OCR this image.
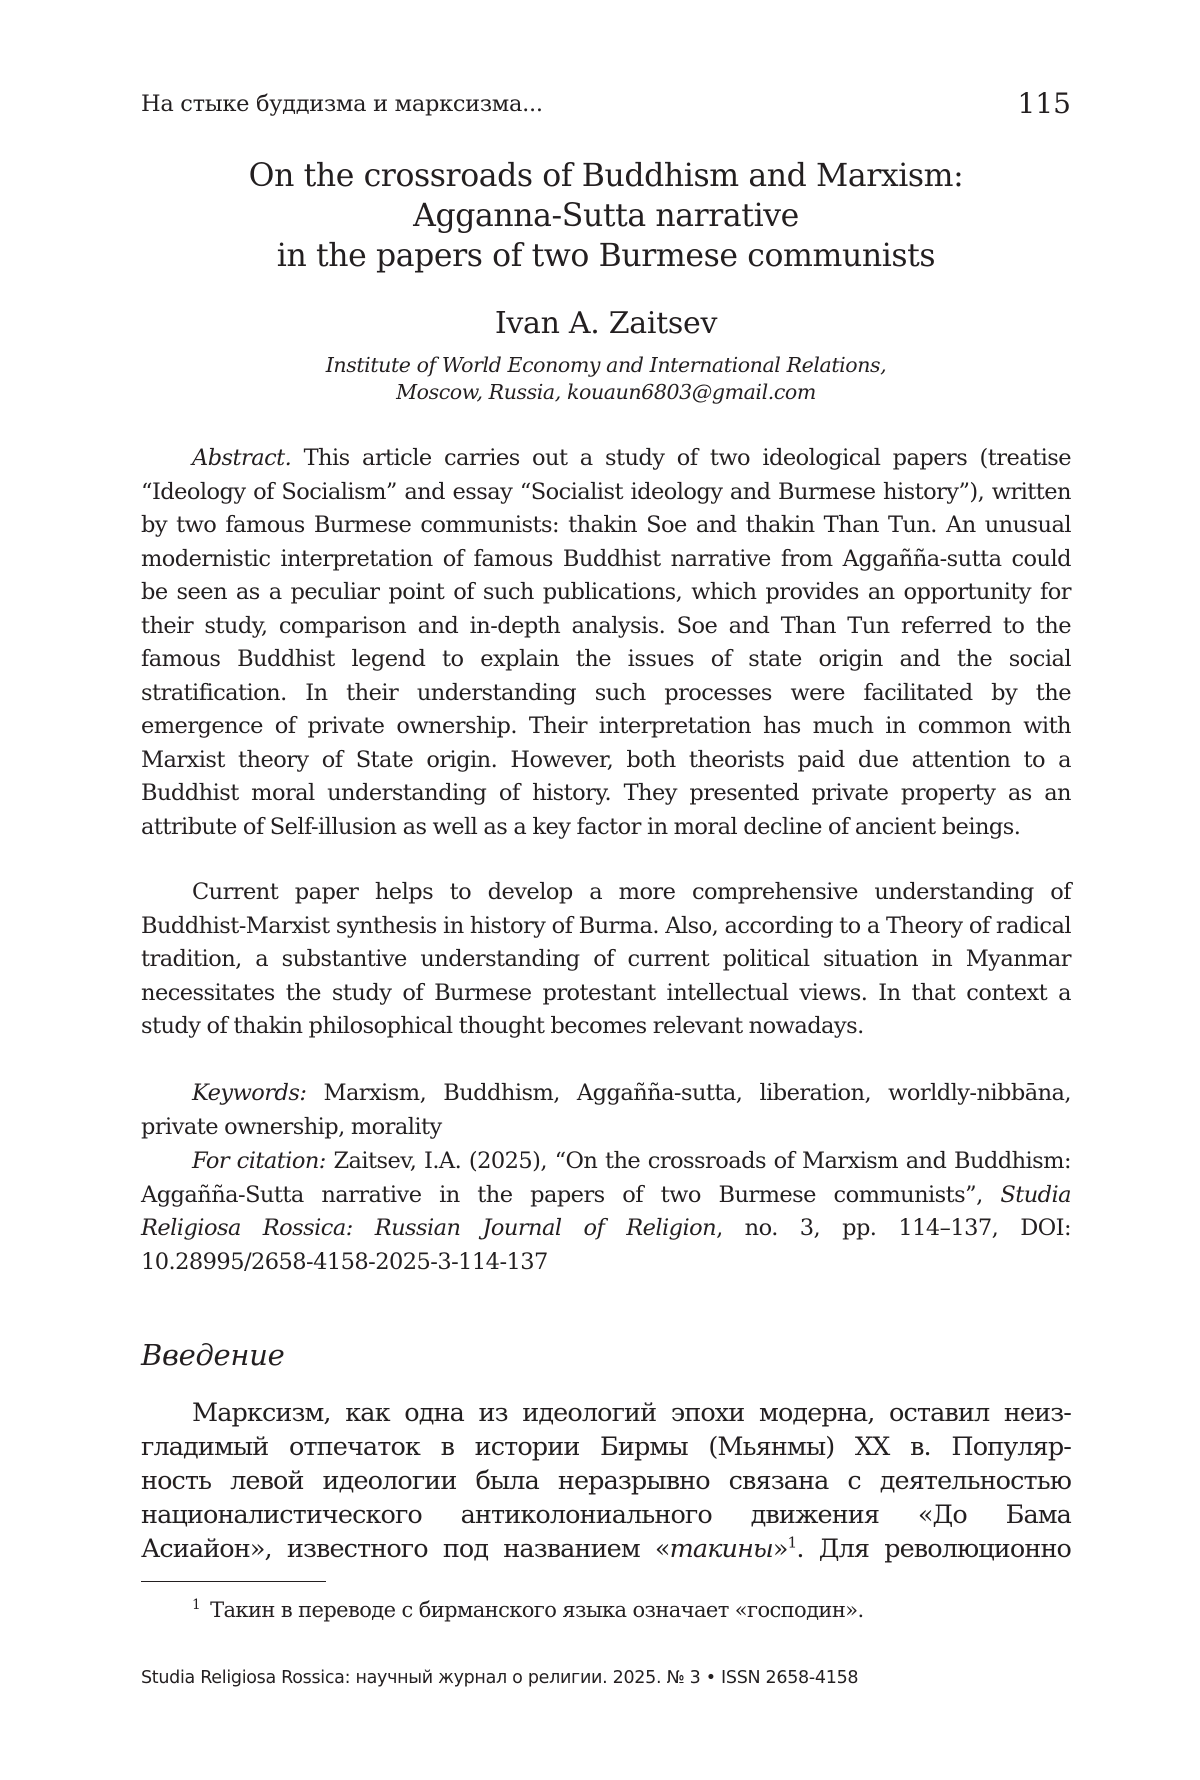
На стыке буддизма и марксизма...	115
On the crossroads of Buddhism and Marxism:
Agganna-Sutta narrative
in the papers of two Burmese communists
Ivan A. Zaitsev
Institute of World Economy and International Relations,
Moscow, Russia, kouaun6803@gmail.com

Abstract. This article carries out a study of two ideological papers (treatise “Ideology of Socialism” and essay “Socialist ideology and Burmese history”), written by two famous Burmese communists: thakin Soe and thakin Than Tun. An unusual modernistic interpretation of famous Buddhist narrative from Aggañña-sutta could be seen as a peculiar point of such publications, which provides an opportunity for their study, comparison and in-depth analysis. Soe and Than Tun referred to the famous Buddhist legend to explain the issues of state origin and the social stratification. In their understanding such processes were facilitated by the emergence of private ownership. Their interpretation has much in common with Marxist theory of State origin. However, both theorists paid due attention to a Buddhist moral understanding of history. They presented private property as an attribute of Self-illusion as well as a key factor in moral decline of ancient beings.

Current paper helps to develop a more comprehensive understanding of Buddhist-Marxist synthesis in history of Burma. Also, according to a Theory of radical tradition, a substantive understanding of current political situation in Myanmar necessitates the study of Burmese protestant intellectual views. In that context a study of thakin philosophical thought becomes relevant nowadays.

Keywords: Marxism, Buddhism, Aggañña-sutta, liberation, worldly-nibbāna, private ownership, morality

For citation: Zaitsev, I.A. (2025), “On the crossroads of Marxism and Buddhism: Aggañña-Sutta narrative in the papers of two Burmese communists”, Studia Religiosa Rossica: Russian Journal of Religion, no. 3, pp. 114–137, DOI: 10.28995/2658-4158-2025-3-114-137

Введение
Марксизм, как одна из идеологий эпохи модерна, оставил неиз-
гладимый отпечаток в истории Бирмы (Мьянмы) XX в. Популяр-
ность левой идеологии была неразрывно связана с деятельностью
националистического антиколониального движения «До Бама
Асиайон», известного под названием «такины»$^1$. Для революционно
$^1$ Такин в переводе с бирманского языка означает «господин».
Studia Religiosa Rossica: научный журнал о религии. 2025. № 3 • ISSN 2658-4158
